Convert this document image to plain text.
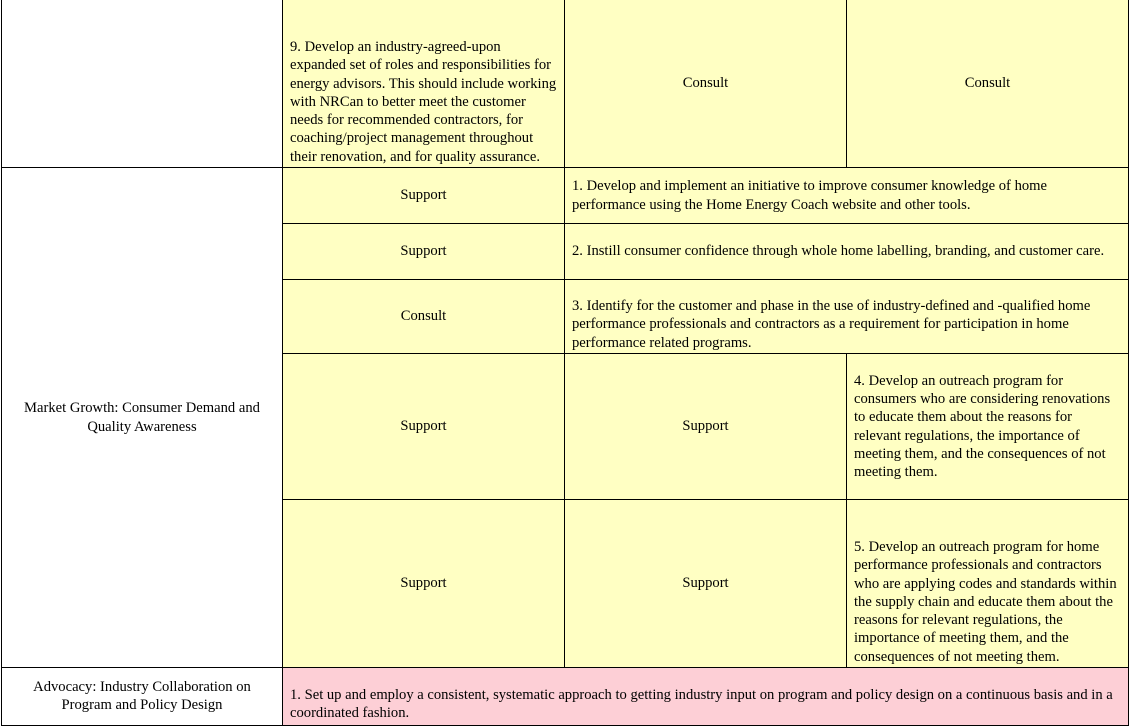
	9. Develop an industry-agreed-upon expanded set of roles and responsibilities for energy advisors. This should include working with NRCan to better meet the customer needs for recommended contractors, for coaching/project management throughout their renovation, and for quality assurance.	Consult	Consult
Market Growth: Consumer Demand and Quality Awareness	Support	1. Develop and implement an initiative to improve consumer knowledge of home performance using the Home Energy Coach website and other tools.	
	Support	2. Instill consumer confidence through whole home labelling, branding, and customer care.	
	Consult	3. Identify for the customer and phase in the use of industry-defined and -qualified home performance professionals and contractors as a requirement for participation in home performance related programs.	
	Support	Support	4. Develop an outreach program for consumers who are considering renovations to educate them about the reasons for relevant regulations, the importance of meeting them, and the consequences of not meeting them.
	Support	Support	5. Develop an outreach program for home performance professionals and contractors who are applying codes and standards within the supply chain and educate them about the reasons for relevant regulations, the importance of meeting them, and the consequences of not meeting them.
Advocacy: Industry Collaboration on Program and Policy Design	1. Set up and employ a consistent, systematic approach to getting industry input on program and policy design on a continuous basis and in a coordinated fashion.		
